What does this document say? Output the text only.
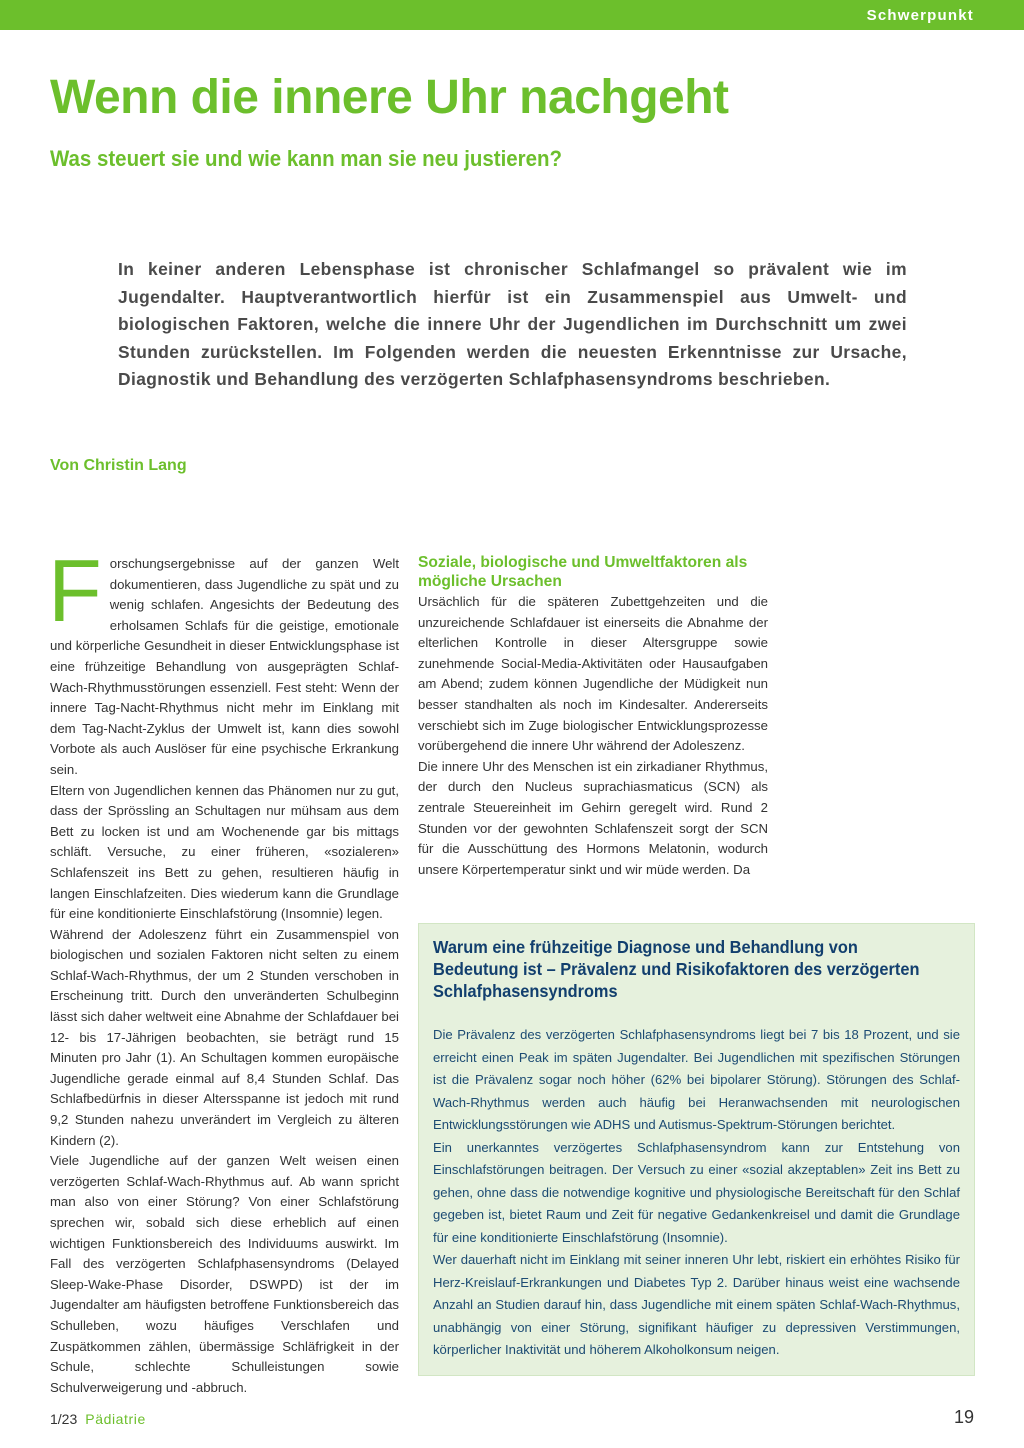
Schwerpunkt
Wenn die innere Uhr nachgeht
Was steuert sie und wie kann man sie neu justieren?
In keiner anderen Lebensphase ist chronischer Schlafmangel so prävalent wie im Jugendalter. Hauptverantwortlich hierfür ist ein Zusammenspiel aus Umwelt- und biologischen Faktoren, welche die innere Uhr der Jugendlichen im Durchschnitt um zwei Stunden zurückstellen. Im Folgenden werden die neuesten Erkenntnisse zur Ursache, Diagnostik und Behandlung des verzögerten Schlafphasensyndroms beschrieben.
Von Christin Lang

Forschungsergebnisse auf der ganzen Welt dokumentieren, dass Jugendliche zu spät und zu wenig schlafen. Angesichts der Bedeutung des erholsamen Schlafs für die geistige, emotionale und körperliche Gesundheit in dieser Entwicklungsphase ist eine frühzeitige Behandlung von ausgeprägten Schlaf-Wach-Rhythmusstörungen essenziell. Fest steht: Wenn der innere Tag-Nacht-Rhythmus nicht mehr im Einklang mit dem Tag-Nacht-Zyklus der Umwelt ist, kann dies sowohl Vorbote als auch Auslöser für eine psychische Erkrankung sein.

Eltern von Jugendlichen kennen das Phänomen nur zu gut, dass der Sprössling an Schultagen nur mühsam aus dem Bett zu locken ist und am Wochenende gar bis mittags schläft. Versuche, zu einer früheren, «sozialeren» Schlafenszeit ins Bett zu gehen, resultieren häufig in langen Einschlafzeiten. Dies wiederum kann die Grundlage für eine konditionierte Einschlafstörung (Insomnie) legen.

Während der Adoleszenz führt ein Zusammenspiel von biologischen und sozialen Faktoren nicht selten zu einem Schlaf-Wach-Rhythmus, der um 2 Stunden verschoben in Erscheinung tritt. Durch den unveränderten Schulbeginn lässt sich daher weltweit eine Abnahme der Schlafdauer bei 12- bis 17-Jährigen beobachten, sie beträgt rund 15 Minuten pro Jahr (1). An Schultagen kommen europäische Jugendliche gerade einmal auf 8,4 Stunden Schlaf. Das Schlafbedürfnis in dieser Altersspanne ist jedoch mit rund 9,2 Stunden nahezu unverändert im Vergleich zu älteren Kindern (2).

Viele Jugendliche auf der ganzen Welt weisen einen verzögerten Schlaf-Wach-Rhythmus auf. Ab wann spricht man also von einer Störung? Von einer Schlafstörung sprechen wir, sobald sich diese erheblich auf einen wichtigen Funktionsbereich des Individuums auswirkt. Im Fall des verzögerten Schlafphasensyndroms (Delayed Sleep-Wake-Phase Disorder, DSWPD) ist der im Jugendalter am häufigsten betroffene Funktionsbereich das Schulleben, wozu häufiges Verschlafen und Zuspätkommen zählen, übermässige Schläfrigkeit in der Schule, schlechte Schulleistungen sowie Schulverweigerung und -abbruch.

Soziale, biologische und Umweltfaktoren als mögliche Ursachen

Ursächlich für die späteren Zubettgehzeiten und die unzureichende Schlafdauer ist einerseits die Abnahme der elterlichen Kontrolle in dieser Altersgruppe sowie zunehmende Social-Media-Aktivitäten oder Hausaufgaben am Abend; zudem können Jugendliche der Müdigkeit nun besser standhalten als noch im Kindesalter. Andererseits verschiebt sich im Zuge biologischer Entwicklungsprozesse vorübergehend die innere Uhr während der Adoleszenz.

Die innere Uhr des Menschen ist ein zirkadianer Rhythmus, der durch den Nucleus suprachiasmaticus (SCN) als zentrale Steuereinheit im Gehirn geregelt wird. Rund 2 Stunden vor der gewohnten Schlafenszeit sorgt der SCN für die Ausschüttung des Hormons Melatonin, wodurch unsere Körpertemperatur sinkt und wir müde werden. Da

Warum eine frühzeitige Diagnose und Behandlung von Bedeutung ist – Prävalenz und Risikofaktoren des verzögerten Schlafphasensyndroms

Die Prävalenz des verzögerten Schlafphasensyndroms liegt bei 7 bis 18 Prozent, und sie erreicht einen Peak im späten Jugendalter. Bei Jugendlichen mit spezifischen Störungen ist die Prävalenz sogar noch höher (62% bei bipolarer Störung). Störungen des Schlaf-Wach-Rhythmus werden auch häufig bei Heranwachsenden mit neurologischen Entwicklungsstörungen wie ADHS und Autismus-Spektrum-Störungen berichtet.

Ein unerkanntes verzögertes Schlafphasensyndrom kann zur Entstehung von Einschlafstörungen beitragen. Der Versuch zu einer «sozial akzeptablen» Zeit ins Bett zu gehen, ohne dass die notwendige kognitive und physiologische Bereitschaft für den Schlaf gegeben ist, bietet Raum und Zeit für negative Gedankenkreisel und damit die Grundlage für eine konditionierte Einschlafstörung (Insomnie).

Wer dauerhaft nicht im Einklang mit seiner inneren Uhr lebt, riskiert ein erhöhtes Risiko für Herz-Kreislauf-Erkrankungen und Diabetes Typ 2. Darüber hinaus weist eine wachsende Anzahl an Studien darauf hin, dass Jugendliche mit einem späten Schlaf-Wach-Rhythmus, unabhängig von einer Störung, signifikant häufiger zu depressiven Verstimmungen, körperlicher Inaktivität und höherem Alkoholkonsum neigen.

1/23 Pädiatrie	19
